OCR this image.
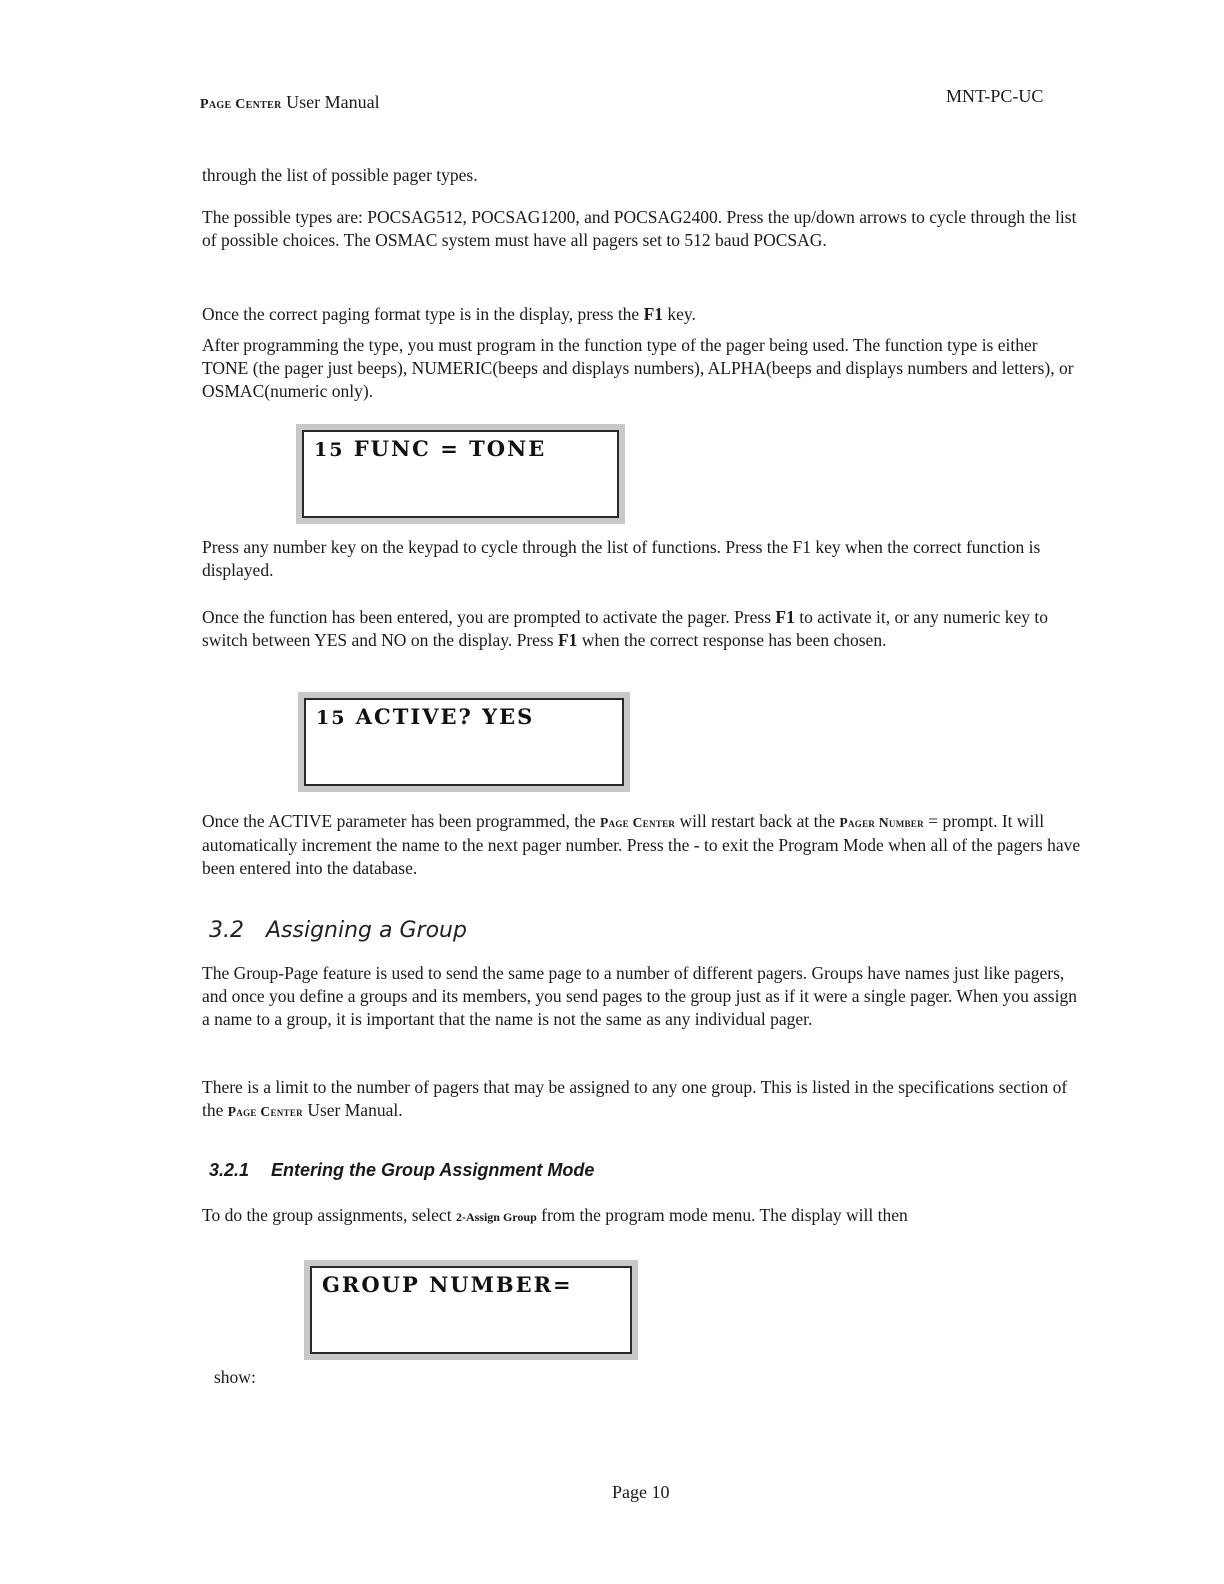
Page Center User Manual	MNT-PC-UC
through the list of possible pager types.
The possible types are: POCSAG512, POCSAG1200, and POCSAG2400. Press the up/down arrows to cycle through the list of possible choices. The OSMAC system must have all pagers set to 512 baud POCSAG.
Once the correct paging format type is in the display, press the F1 key.
After programming the type, you must program in the function type of the pager being used. The function type is either TONE (the pager just beeps), NUMERIC(beeps and displays numbers), ALPHA(beeps and displays numbers and letters), or OSMAC(numeric only).
15 FUNC = TONE
Press any number key on the keypad to cycle through the list of functions. Press the F1 key when the correct function is displayed.
Once the function has been entered, you are prompted to activate the pager. Press F1 to activate it, or any numeric key to switch between YES and NO on the display. Press F1 when the correct response has been chosen.
15 ACTIVE? YES
Once the ACTIVE parameter has been programmed, the Page Center will restart back at the Pager Number = prompt. It will automatically increment the name to the next pager number. Press the - to exit the Program Mode when all of the pagers have been entered into the database.
3.2 Assigning a Group
The Group-Page feature is used to send the same page to a number of different pagers. Groups have names just like pagers, and once you define a groups and its members, you send pages to the group just as if it were a single pager. When you assign a name to a group, it is important that the name is not the same as any individual pager.
There is a limit to the number of pagers that may be assigned to any one group. This is listed in the specifications section of the Page Center User Manual.
3.2.1 Entering the Group Assignment Mode
To do the group assignments, select 2-Assign Group from the program mode menu. The display will then
GROUP NUMBER=
show:
Page 10
